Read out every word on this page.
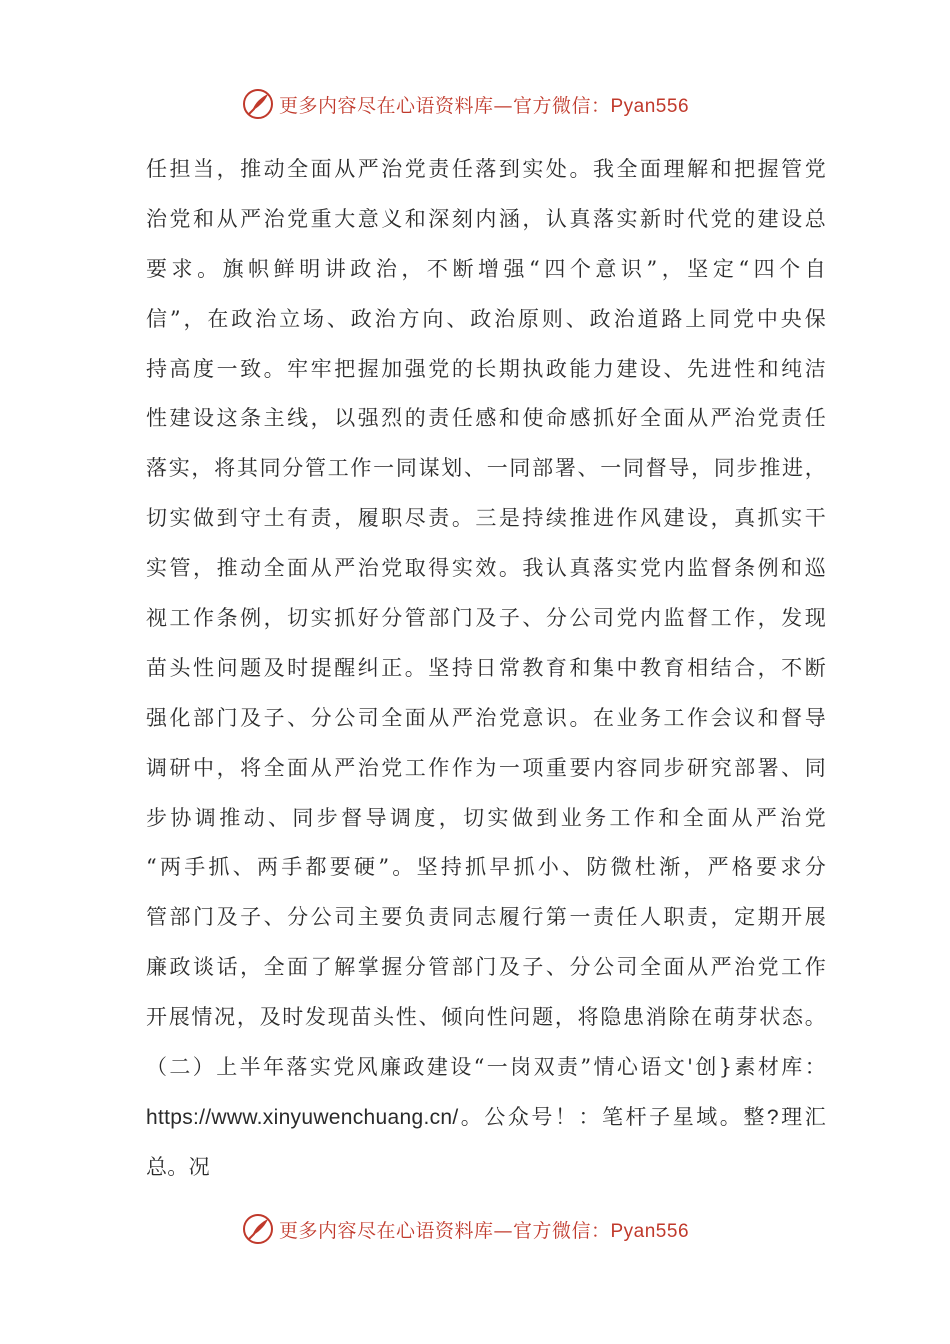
更多内容尽在心语资料库—官方微信：Pyan556
任担当，推动全面从严治党责任落到实处。我全面理解和把握管党
治党和从严治党重大意义和深刻内涵，认真落实新时代党的建设总
要求。旗帜鲜明讲政治，不断增强“四个意识”，坚定“四个自
信”，在政治立场、政治方向、政治原则、政治道路上同党中央保
持高度一致。牢牢把握加强党的长期执政能力建设、先进性和纯洁
性建设这条主线，以强烈的责任感和使命感抓好全面从严治党责任
落实，将其同分管工作一同谋划、一同部署、一同督导，同步推进，
切实做到守土有责，履职尽责。三是持续推进作风建设，真抓实干
实管，推动全面从严治党取得实效。我认真落实党内监督条例和巡
视工作条例，切实抓好分管部门及子、分公司党内监督工作，发现
苗头性问题及时提醒纠正。坚持日常教育和集中教育相结合，不断
强化部门及子、分公司全面从严治党意识。在业务工作会议和督导
调研中，将全面从严治党工作作为一项重要内容同步研究部署、同
步协调推动、同步督导调度，切实做到业务工作和全面从严治党
“两手抓、两手都要硬”。坚持抓早抓小、防微杜渐，严格要求分
管部门及子、分公司主要负责同志履行第一责任人职责，定期开展
廉政谈话，全面了解掌握分管部门及子、分公司全面从严治党工作
开展情况，及时发现苗头性、倾向性问题，将隐患消除在萌芽状态。
（二）上半年落实党风廉政建设“一岗双责”情心语文'创}素材库：
https://www.xinyuwenchuang.cn/。公众号！：笔杆子星域。整?理汇
总。况
更多内容尽在心语资料库—官方微信：Pyan556
